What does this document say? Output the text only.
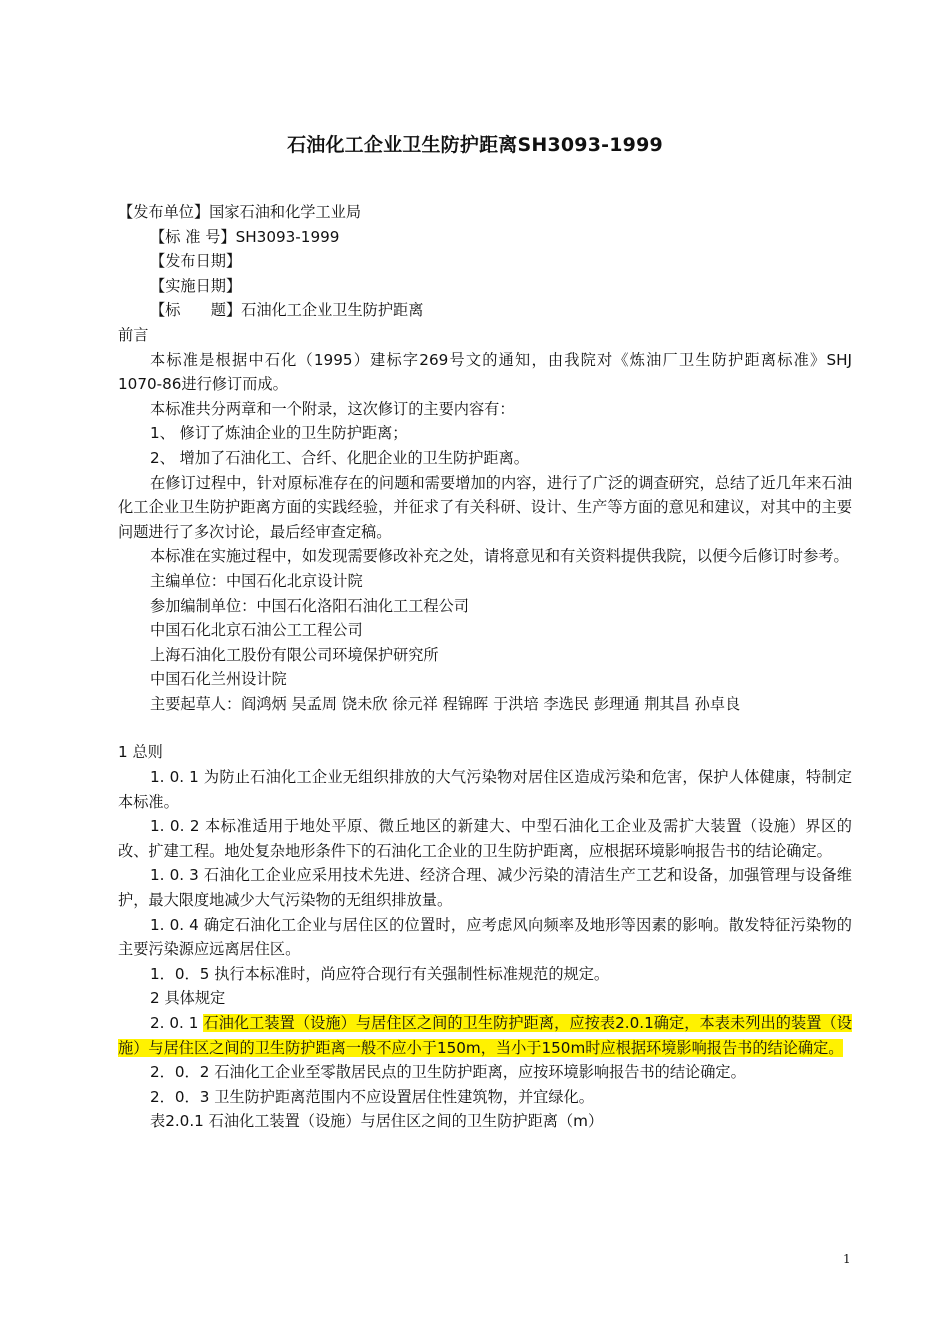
石油化工企业卫生防护距离SH3093-1999

【发布单位】国家石油和化学工业局

【标 准 号】SH3093-1999

【发布日期】

【实施日期】

【标　　题】石油化工企业卫生防护距离

前言

本标准是根据中石化（1995）建标字269号文的通知，由我院对《炼油厂卫生防护距离标准》SHJ 1070-86进行修订而成。

本标准共分两章和一个附录，这次修订的主要内容有：

1、 修订了炼油企业的卫生防护距离；

2、 增加了石油化工、合纤、化肥企业的卫生防护距离。

在修订过程中，针对原标准存在的问题和需要增加的内容，进行了广泛的调查研究，总结了近几年来石油化工企业卫生防护距离方面的实践经验，并征求了有关科研、设计、生产等方面的意见和建议，对其中的主要问题进行了多次讨论，最后经审查定稿。

本标准在实施过程中，如发现需要修改补充之处，请将意见和有关资料提供我院，以便今后修订时参考。

主编单位：中国石化北京设计院

参加编制单位：中国石化洛阳石油化工工程公司

中国石化北京石油公工工程公司

上海石油化工股份有限公司环境保护研究所

中国石化兰州设计院

主要起草人：阎鸿炳 吴孟周 饶未欣 徐元祥 程锦晖 于洪培 李选民 彭理通 荆其昌 孙卓良

1 总则

1. 0. 1 为防止石油化工企业无组织排放的大气污染物对居住区造成污染和危害，保护人体健康，特制定本标准。

1. 0. 2 本标准适用于地处平原、微丘地区的新建大、中型石油化工企业及需扩大装置（设施）界区的改、扩建工程。地处复杂地形条件下的石油化工企业的卫生防护距离，应根据环境影响报告书的结论确定。

1. 0. 3 石油化工企业应采用技术先进、经济合理、减少污染的清洁生产工艺和设备，加强管理与设备维护，最大限度地减少大气污染物的无组织排放量。

1. 0. 4 确定石油化工企业与居住区的位置时，应考虑风向频率及地形等因素的影响。散发特征污染物的主要污染源应远离居住区。

1．0．5 执行本标准时，尚应符合现行有关强制性标准规范的规定。

2 具体规定

2. 0. 1 石油化工装置（设施）与居住区之间的卫生防护距离，应按表2.0.1确定，本表未列出的装置（设施）与居住区之间的卫生防护距离一般不应小于150m，当小于150m时应根据环境影响报告书的结论确定。

2．0．2 石油化工企业至零散居民点的卫生防护距离，应按环境影响报告书的结论确定。

2．0．3 卫生防护距离范围内不应设置居住性建筑物，并宜绿化。

表2.0.1 石油化工装置（设施）与居住区之间的卫生防护距离（m）

1
